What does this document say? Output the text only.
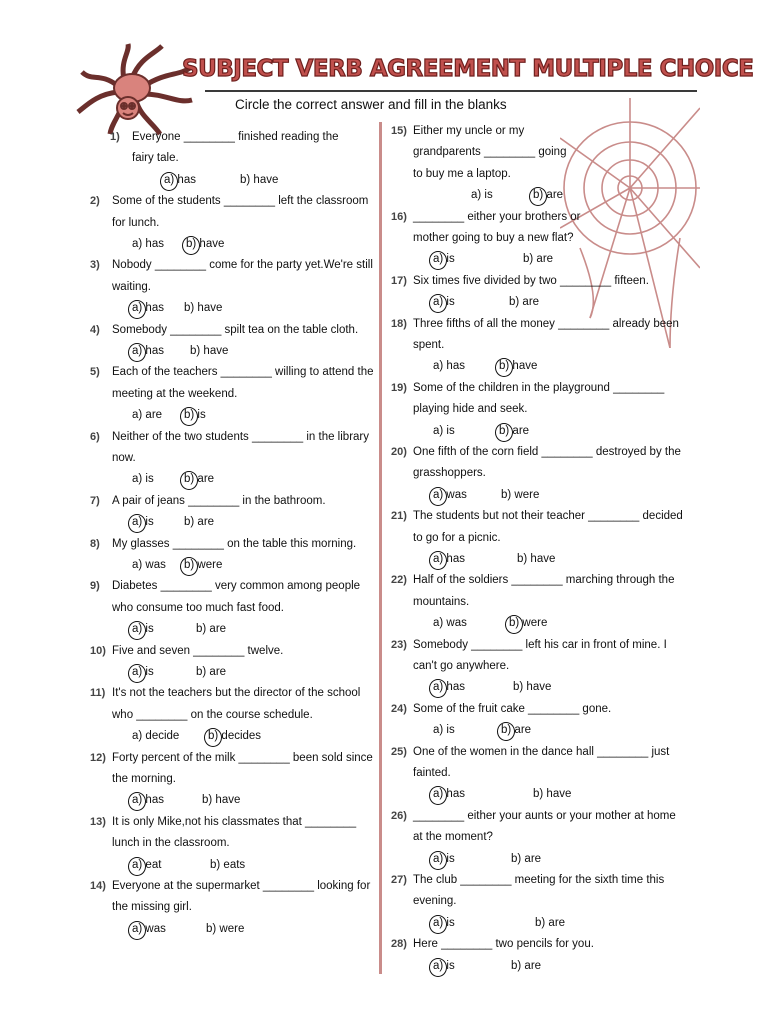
SUBJECT VERB AGREEMENT MULTIPLE CHOICE

Circle the correct answer and fill in the blanks

1) Everyone ________ finished reading the fairy tale.
a) has	b) have
2) Some of the students ________ left the classroom for lunch.
a) has b) have
3) Nobody ________ come for the party yet.We're still waiting.
a) has b) have
4) Somebody ________ spilt tea on the table cloth.
a) has b) have
5) Each of the teachers ________ willing to attend the meeting at the weekend.
a) are b) is
6) Neither of the two students ________ in the library now.
a) is	b) are
7) A pair of jeans ________ in the bathroom.
a) is	b) are
8) My glasses ________ on the table this morning.
a) was b) were
9) Diabetes ________ very common among people who consume too much fast food.
a) is	b) are
10) Five and seven ________ twelve.
a) is	b) are
11) It's not the teachers but the director of the school who ________ on the course schedule.
a) decide b) decides
12) Forty percent of the milk ________ been sold since the morning.
a) has	b) have
13) It is only Mike,not his classmates that ________ lunch in the classroom.
a) eat	b) eats
14) Everyone at the supermarket ________ looking for the missing girl.
a) was	b) were
15) Either my uncle or my grandparents ________ going to buy me a laptop.
a) is	b) are
16) ________ either your brothers or mother going to buy a new flat?
a) is	b) are
17) Six times five divided by two ________ fifteen.
a) is	b) are
18) Three fifths of all the money ________ already been spent.
a) has	b) have
19) Some of the children in the playground ________ playing hide and seek.
a) is	b) are
20) One fifth of the corn field ________ destroyed by the grasshoppers.
a) was	b) were
21) The students but not their teacher ________ decided to go for a picnic.
a) has	b) have
22) Half of the soldiers ________ marching through the mountains.
a) was	b) were
23) Somebody ________ left his car in front of mine. I can't go anywhere.
a) has	b) have
24) Some of the fruit cake ________ gone.
a) is	b) are
25) One of the women in the dance hall ________ just fainted.
a) has	b) have
26) ________ either your aunts or your mother at home at the moment?
a) is	b) are
27) The club ________ meeting for the sixth time this evening.
a) is	b) are
28) Here ________ two pencils for you.
a) is	b) are
